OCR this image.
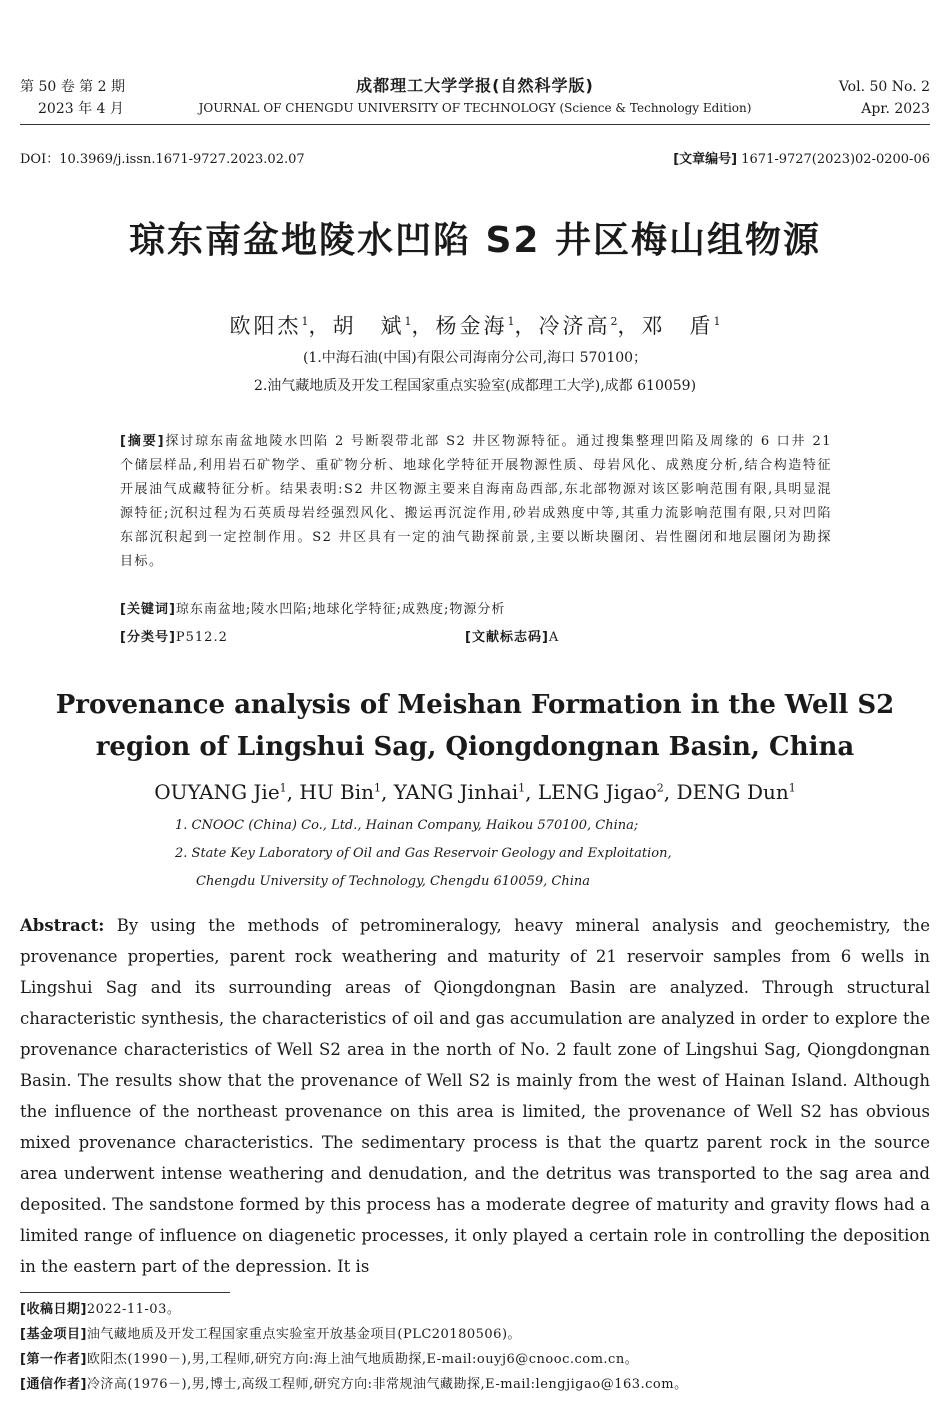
第 50 卷 第 2 期
2023 年 4 月
成都理工大学学报(自然科学版)
JOURNAL OF CHENGDU UNIVERSITY OF TECHNOLOGY (Science & Technology Edition)
Vol. 50 No. 2
Apr. 2023
DOI：10.3969/j.issn.1671-9727.2023.02.07	[文章编号] 1671-9727(2023)02-0200-06
琼东南盆地陵水凹陷 S2 井区梅山组物源
欧阳杰$^1$，胡　斌$^1$，杨金海$^1$，冷济高$^2$，邓　盾$^1$
(1.中海石油(中国)有限公司海南分公司,海口 570100；
2.油气藏地质及开发工程国家重点实验室(成都理工大学),成都 610059)
[摘要]探讨琼东南盆地陵水凹陷 2 号断裂带北部 S2 井区物源特征。通过搜集整理凹陷及周缘的 6 口井 21 个储层样品,利用岩石矿物学、重矿物分析、地球化学特征开展物源性质、母岩风化、成熟度分析,结合构造特征开展油气成藏特征分析。结果表明:S2 井区物源主要来自海南岛西部,东北部物源对该区影响范围有限,具明显混源特征;沉积过程为石英质母岩经强烈风化、搬运再沉淀作用,砂岩成熟度中等,其重力流影响范围有限,只对凹陷东部沉积起到一定控制作用。S2 井区具有一定的油气勘探前景,主要以断块圈闭、岩性圈闭和地层圈闭为勘探目标。
[关键词]琼东南盆地;陵水凹陷;地球化学特征;成熟度;物源分析
[分类号]P512.2	[文献标志码]A
Provenance analysis of Meishan Formation in the Well S2
region of Lingshui Sag, Qiongdongnan Basin, China
OUYANG Jie$^1$, HU Bin$^1$, YANG Jinhai$^1$, LENG Jigao$^2$, DENG Dun$^1$
1. CNOOC (China) Co., Ltd., Hainan Company, Haikou 570100, China;
2. State Key Laboratory of Oil and Gas Reservoir Geology and Exploitation,
Chengdu University of Technology, Chengdu 610059, China
Abstract: By using the methods of petromineralogy, heavy mineral analysis and geochemistry, the provenance properties, parent rock weathering and maturity of 21 reservoir samples from 6 wells in Lingshui Sag and its surrounding areas of Qiongdongnan Basin are analyzed. Through structural characteristic synthesis, the characteristics of oil and gas accumulation are analyzed in order to explore the provenance characteristics of Well S2 area in the north of No. 2 fault zone of Lingshui Sag, Qiongdongnan Basin. The results show that the provenance of Well S2 is mainly from the west of Hainan Island. Although the influence of the northeast provenance on this area is limited, the provenance of Well S2 has obvious mixed provenance characteristics. The sedimentary process is that the quartz parent rock in the source area underwent intense weathering and denudation, and the detritus was transported to the sag area and deposited. The sandstone formed by this process has a moderate degree of maturity and gravity flows had a limited range of influence on diagenetic processes, it only played a certain role in controlling the deposition in the eastern part of the depression. It is
[收稿日期]2022-11-03。
[基金项目]油气藏地质及开发工程国家重点实验室开放基金项目(PLC20180506)。
[第一作者]欧阳杰(1990－),男,工程师,研究方向:海上油气地质勘探,E-mail:ouyj6@cnooc.com.cn。
[通信作者]冷济高(1976－),男,博士,高级工程师,研究方向:非常规油气藏勘探,E-mail:lengjigao@163.com。
